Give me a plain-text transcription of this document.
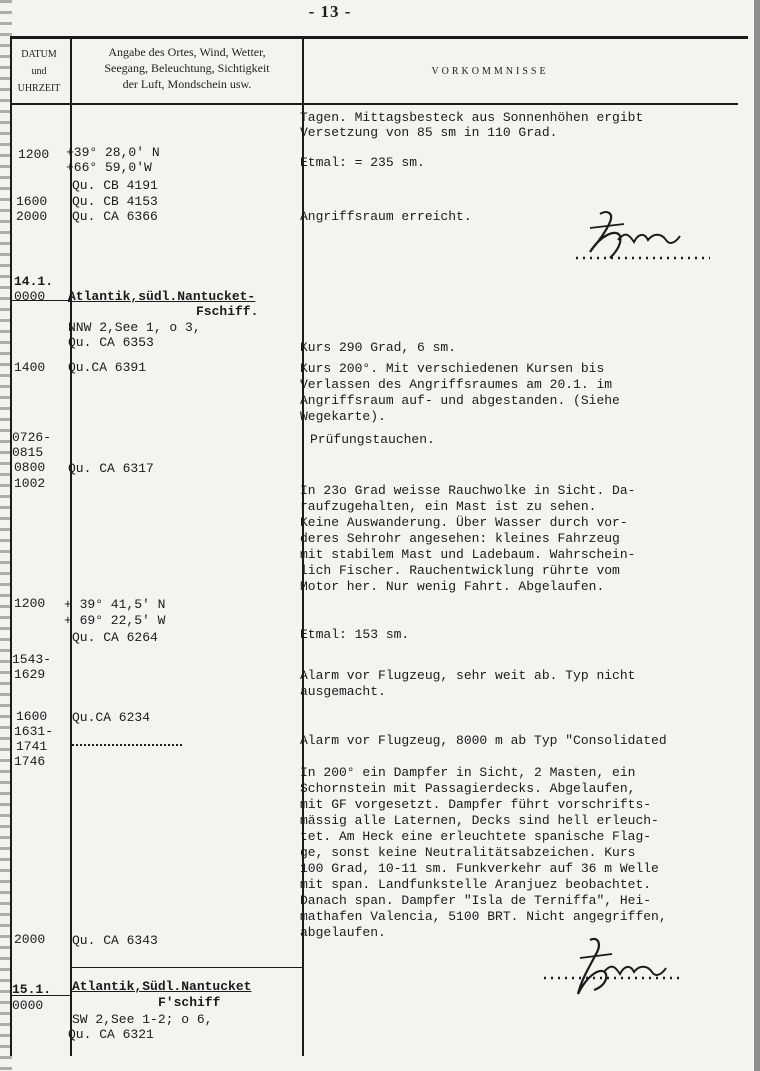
- 13 -
DATUM
und
UHRZEIT
Angabe des Ortes, Wind, Wetter,
Seegang, Beleuchtung, Sichtigkeit
der Luft, Mondschein usw.
VORKOMMNISSE
1200
1600
2000
14.1.
0000
1400
0726-
0815
0800
1002
1200
1543-
1629
1600
1631-
1741
1746
2000
15.1.
0000
+39° 28,0' N
+66° 59,0'W
Qu. CB 4191
Qu. CB 4153
Qu. CA 6366
Atlantik,südl.Nantucket-
Fschiff.
NNW 2,See 1, o 3,
Qu. CA 6353
Qu.CA 6391
Qu. CA 6317
+ 39° 41,5' N
+ 69° 22,5' W
Qu. CA 6264
Qu.CA 6234
Qu. CA 6343
Atlantik,Südl.Nantucket
F'schiff
SW 2,See 1-2; o 6,
Qu. CA 6321
Tagen. Mittagsbesteck aus Sonnenhöhen ergibt
Versetzung von 85 sm in 110 Grad.
Etmal: = 235 sm.
Angriffsraum erreicht.
Kurs 290 Grad, 6 sm.
Kurs 200°. Mit verschiedenen Kursen bis
Verlassen des Angriffsraumes am 20.1. im
Angriffsraum auf- und abgestanden. (Siehe
Wegekarte).
Prüfungstauchen.
In 23o Grad weisse Rauchwolke in Sicht. Da-
raufzugehalten, ein Mast ist zu sehen.
Keine Auswanderung. Über Wasser durch vor-
deres Sehrohr angesehen: kleines Fahrzeug
mit stabilem Mast und Ladebaum. Wahrschein-
lich Fischer. Rauchentwicklung rührte vom
Motor her. Nur wenig Fahrt. Abgelaufen.
Etmal: 153 sm.
Alarm vor Flugzeug, sehr weit ab. Typ nicht
ausgemacht.
Alarm vor Flugzeug, 8000 m ab Typ "Consolidated
In 200° ein Dampfer in Sicht, 2 Masten, ein
Schornstein mit Passagierdecks. Abgelaufen,
mit GF vorgesetzt. Dampfer führt vorschrifts-
mässig alle Laternen, Decks sind hell erleuch-
tet. Am Heck eine erleuchtete spanische Flag-
ge, sonst keine Neutralitätsabzeichen. Kurs
100 Grad, 10-11 sm. Funkverkehr auf 36 m Welle
mit span. Landfunkstelle Aranjuez beobachtet.
Danach span. Dampfer "Isla de Terniffa", Hei-
mathafen Valencia, 5100 BRT. Nicht angegriffen,
abgelaufen.
